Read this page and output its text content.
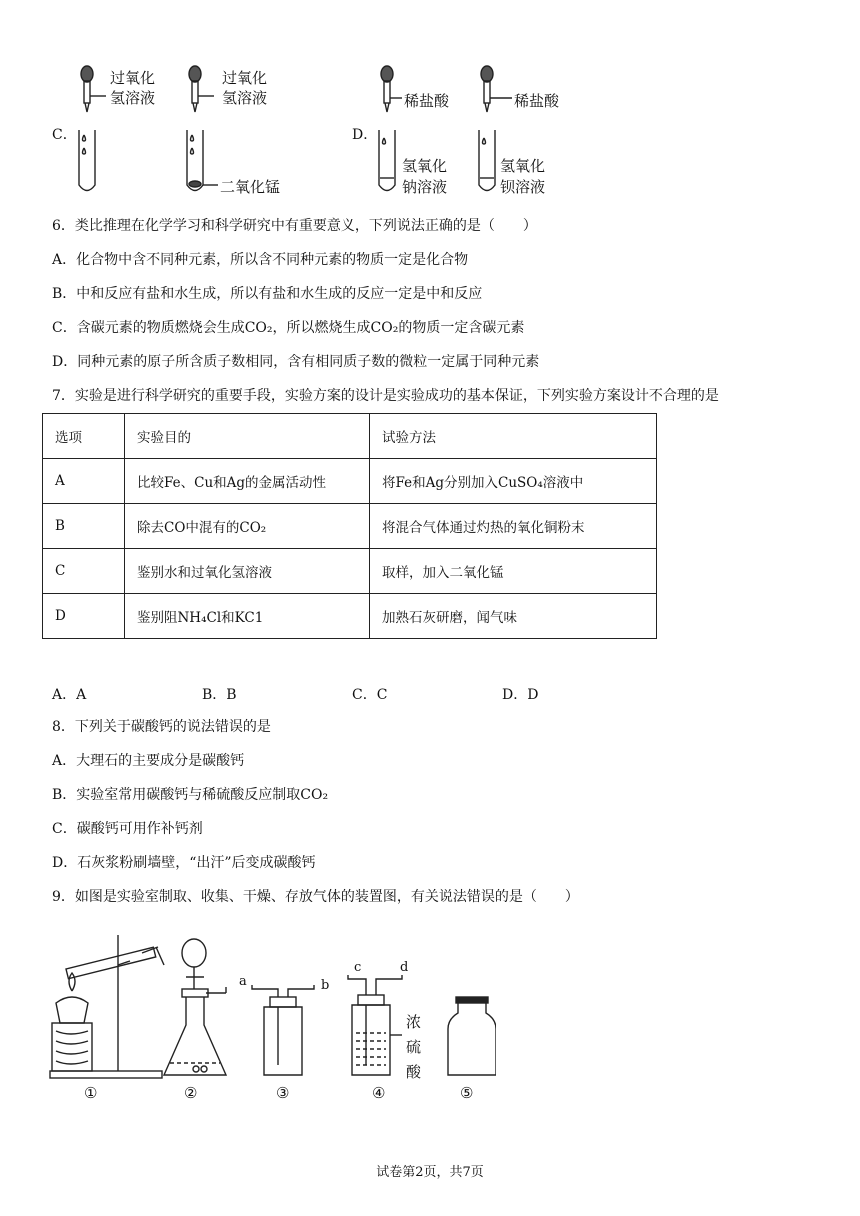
C．	D．
过氧化
氢溶液
过氧化
氢溶液
二氧化锰
稀盐酸	稀盐酸
氢氧化
钠溶液
氢氧化
钡溶液
6．类比推理在化学学习和科学研究中有重要意义，下列说法正确的是（　　）
A．化合物中含不同种元素，所以含不同种元素的物质一定是化合物
B．中和反应有盐和水生成，所以有盐和水生成的反应一定是中和反应
C．含碳元素的物质燃烧会生成CO₂，所以燃烧生成CO₂的物质一定含碳元素
D．同种元素的原子所含质子数相同，含有相同质子数的微粒一定属于同种元素
7．实验是进行科学研究的重要手段，实验方案的设计是实验成功的基本保证，下列实验方案设计不合理的是
选项	实验目的	试验方法
A	比较Fe、Cu和Ag的金属活动性	将Fe和Ag分别加入CuSO₄溶液中
B	除去CO中混有的CO₂	将混合气体通过灼热的氧化铜粉末
C	鉴别水和过氧化氢溶液	取样，加入二氧化锰
D	鉴别阻NH₄Cl和KC1	加熟石灰研磨，闻气味
A．A	B．B	C．C	D．D
8．下列关于碳酸钙的说法错误的是
A．大理石的主要成分是碳酸钙
B．实验室常用碳酸钙与稀硫酸反应制取CO₂
C．碳酸钙可用作补钙剂
D．石灰浆粉刷墙壁，“出汗”后变成碳酸钙
9．如图是实验室制取、收集、干燥、存放气体的装置图，有关说法错误的是（　　）
a	b
c	d
浓
硫
酸
①	②	③	④	⑤
试卷第2页，共7页
